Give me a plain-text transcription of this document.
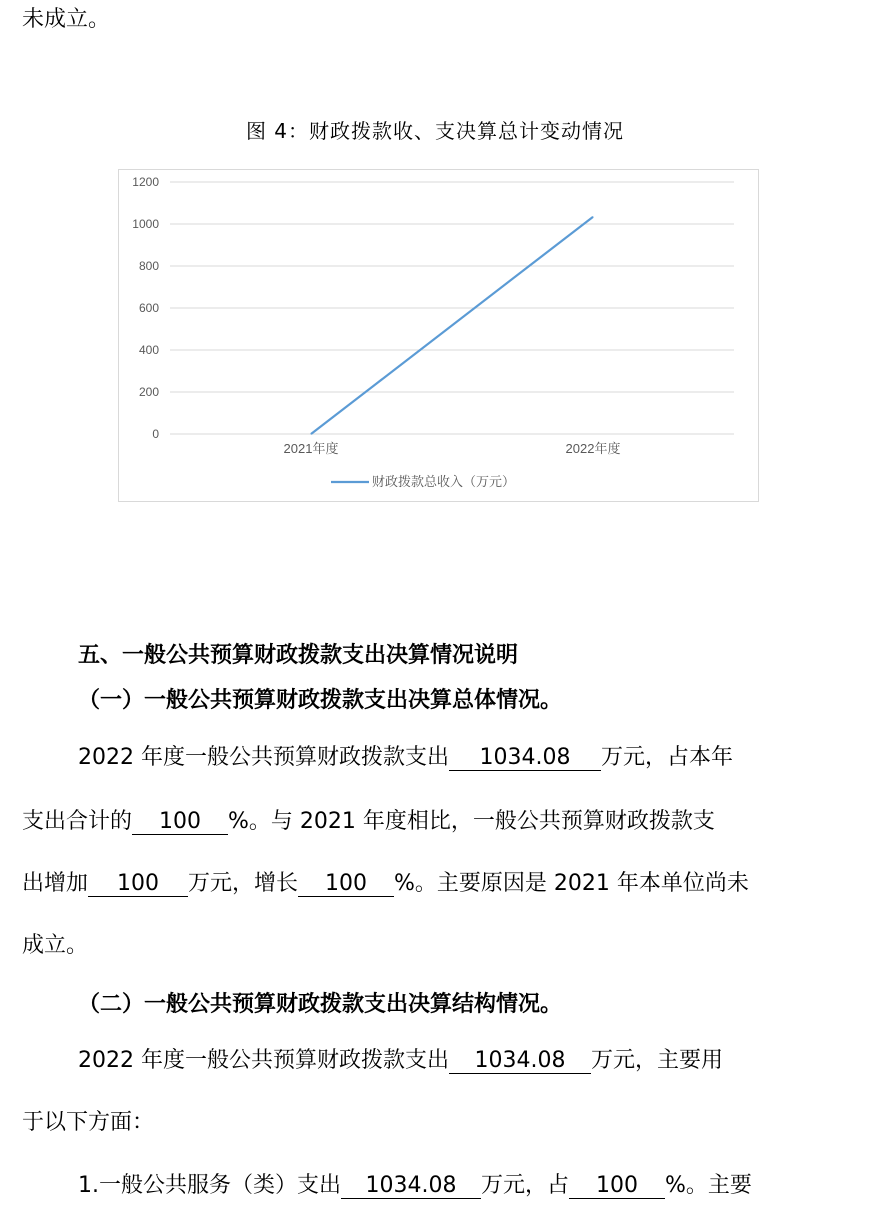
未成立。
图 4：财政拨款收、支决算总计变动情况
0
200
400
600
800
1000
1200
2021年度	2022年度
财政拨款总收入（万元）
五、一般公共预算财政拨款支出决算情况说明
（一）一般公共预算财政拨款支出决算总体情况。
2022 年度一般公共预算财政拨款支出 1034.08 万元，占本年
支出合计的 100 %。与 2021 年度相比，一般公共预算财政拨款支
出增加 100 万元，增长 100 %。主要原因是 2021 年本单位尚未
成立。
（二）一般公共预算财政拨款支出决算结构情况。
2022 年度一般公共预算财政拨款支出 1034.08 万元，主要用
于以下方面：
1.一般公共服务（类）支出 1034.08 万元，占 100 %。主要
